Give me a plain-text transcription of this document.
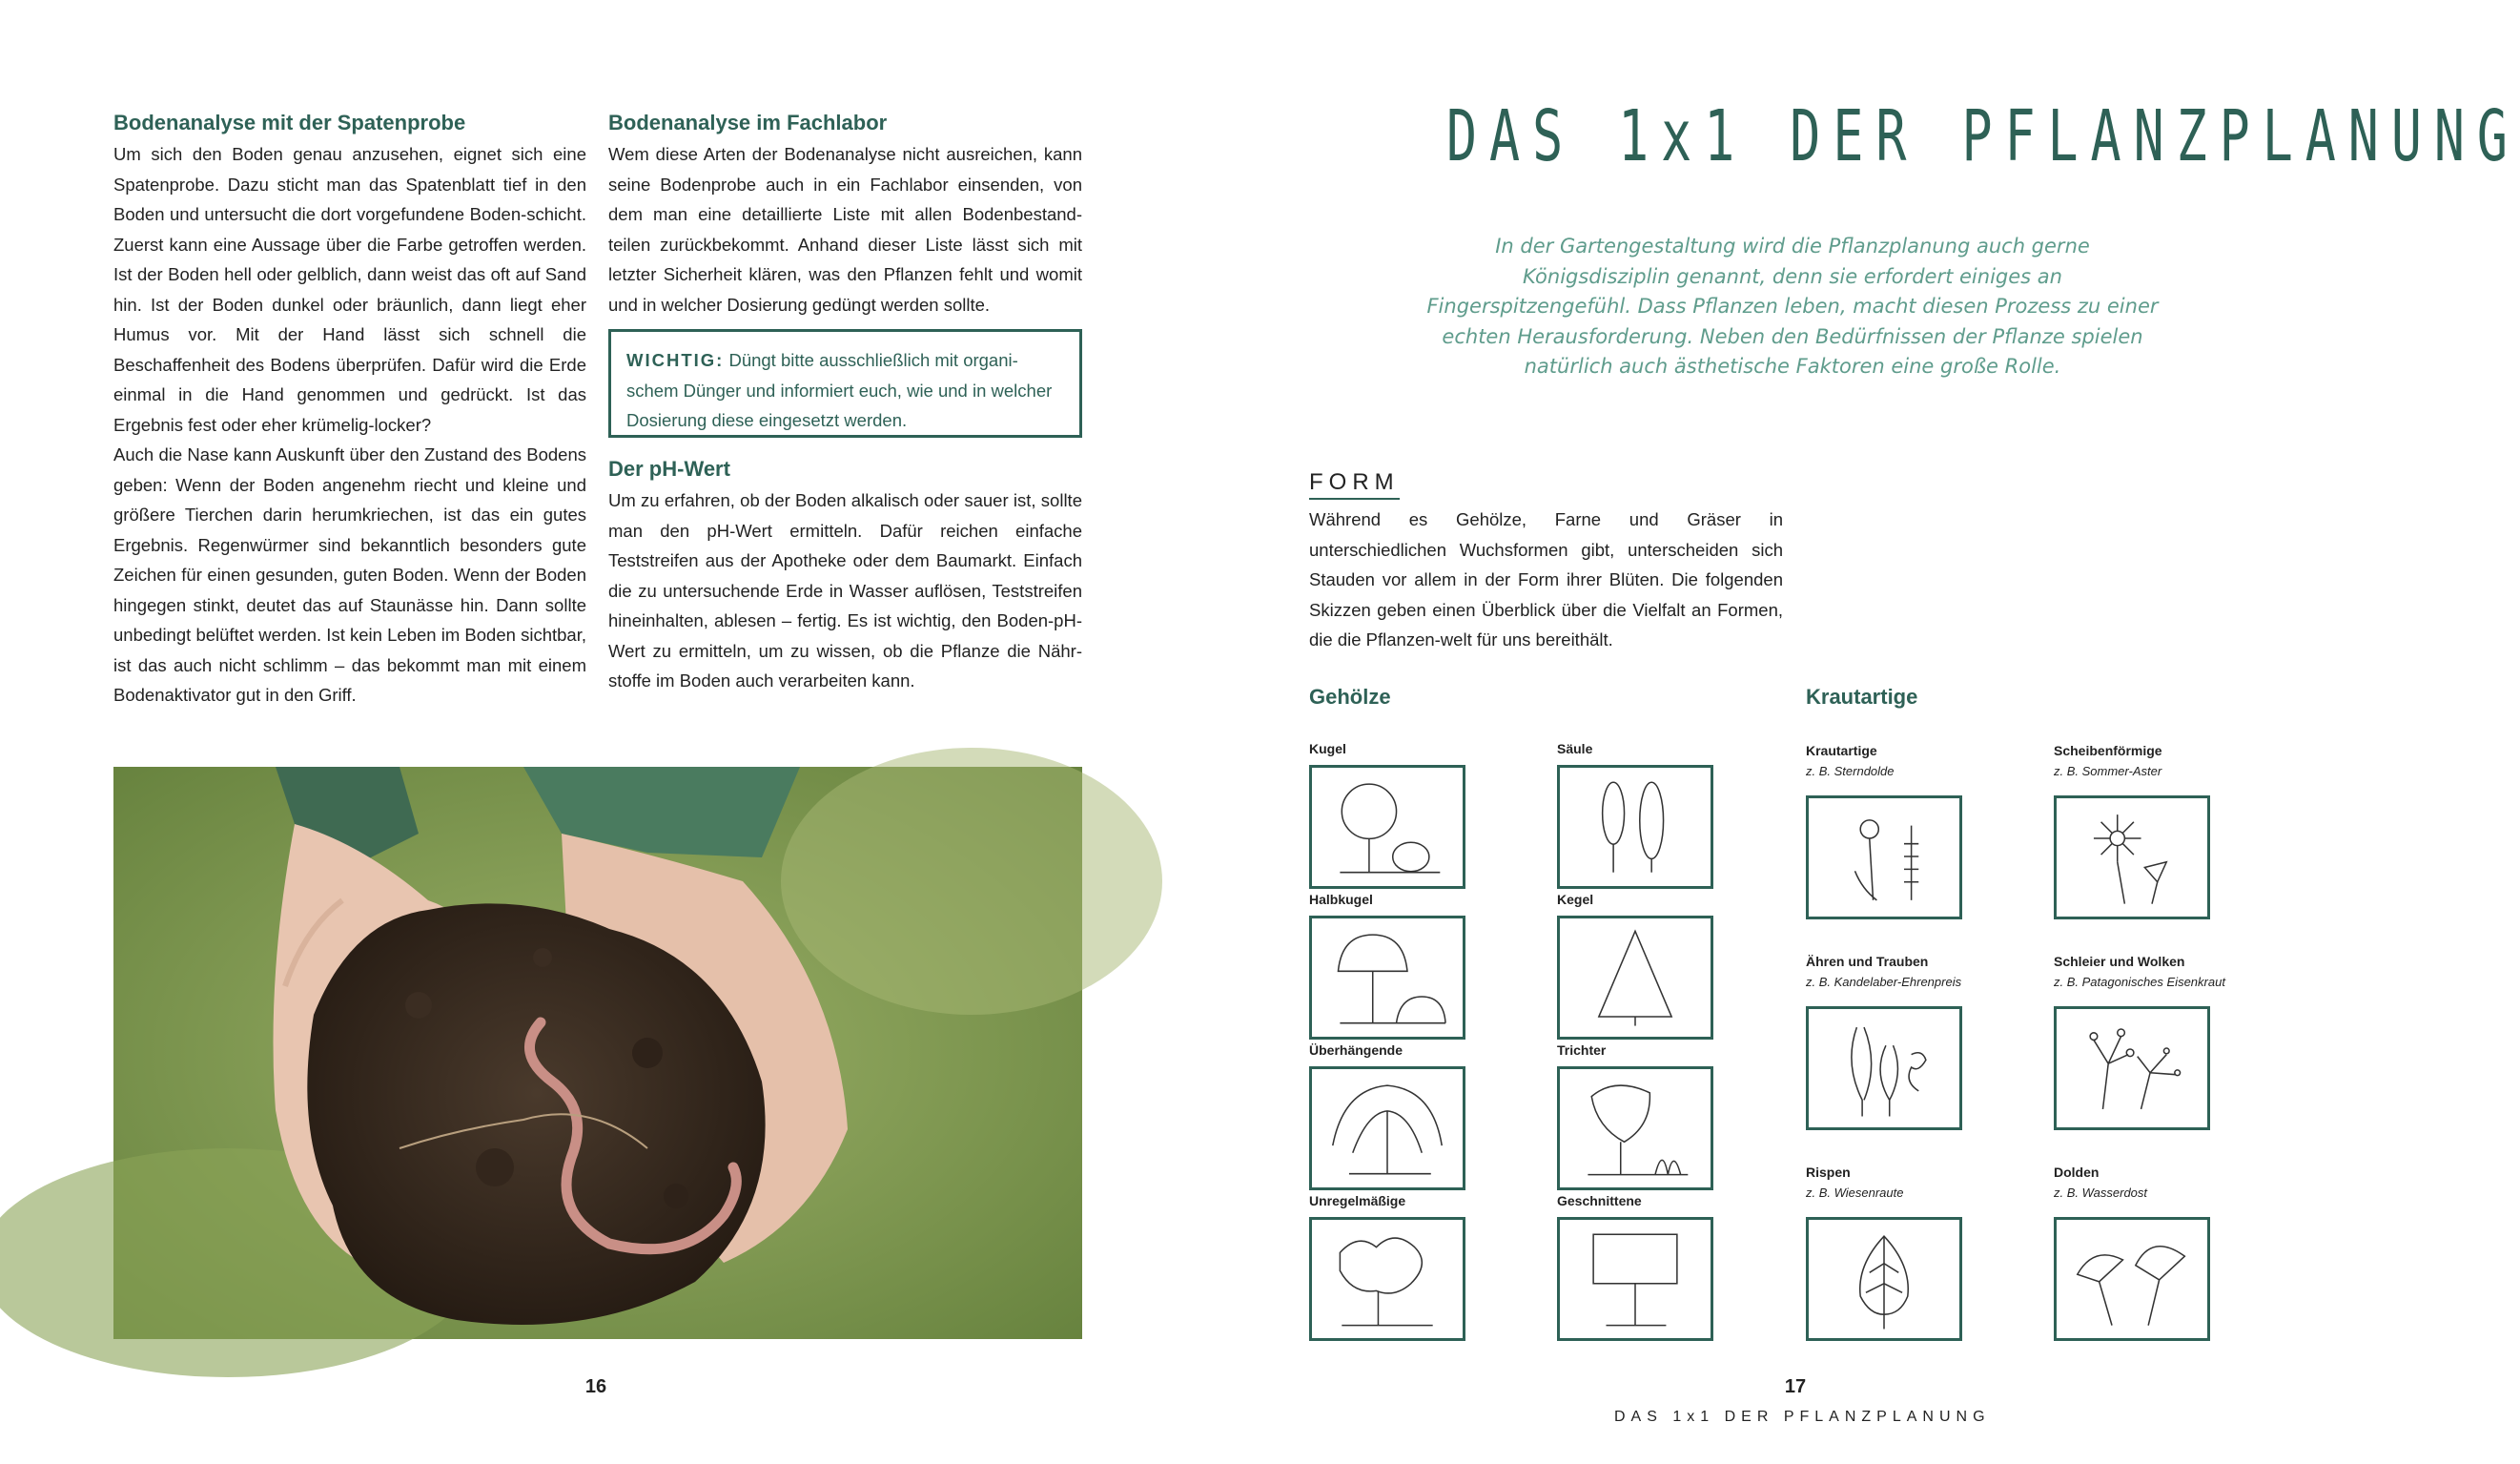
Bodenanalyse mit der Spatenprobe

Um sich den Boden genau anzusehen, eignet sich eine Spatenprobe. Dazu sticht man das Spatenblatt tief in den Boden und untersucht die dort vorgefundene Boden-schicht. Zuerst kann eine Aussage über die Farbe getroffen werden. Ist der Boden hell oder gelblich, dann weist das oft auf Sand hin. Ist der Boden dunkel oder bräunlich, dann liegt eher Humus vor. Mit der Hand lässt sich schnell die Beschaffenheit des Bodens überprüfen. Dafür wird die Erde einmal in die Hand genommen und gedrückt. Ist das Ergebnis fest oder eher krümelig-locker?

Auch die Nase kann Auskunft über den Zustand des Bodens geben: Wenn der Boden angenehm riecht und kleine und größere Tierchen darin herumkriechen, ist das ein gutes Ergebnis. Regenwürmer sind bekanntlich besonders gute Zeichen für einen gesunden, guten Boden. Wenn der Boden hingegen stinkt, deutet das auf Staunässe hin. Dann sollte unbedingt belüftet werden. Ist kein Leben im Boden sichtbar, ist das auch nicht schlimm – das bekommt man mit einem Bodenaktivator gut in den Griff.

Bodenanalyse im Fachlabor

Wem diese Arten der Bodenanalyse nicht ausreichen, kann seine Bodenprobe auch in ein Fachlabor einsenden, von dem man eine detaillierte Liste mit allen Bodenbestand-teilen zurückbekommt. Anhand dieser Liste lässt sich mit letzter Sicherheit klären, was den Pflanzen fehlt und womit und in welcher Dosierung gedüngt werden sollte.

WICHTIG: Düngt bitte ausschließlich mit organi-schem Dünger und informiert euch, wie und in welcher Dosierung diese eingesetzt werden.
Der pH-Wert

Um zu erfahren, ob der Boden alkalisch oder sauer ist, sollte man den pH-Wert ermitteln. Dafür reichen einfache Teststreifen aus der Apotheke oder dem Baumarkt. Einfach die zu untersuchende Erde in Wasser auflösen, Teststreifen hineinhalten, ablesen – fertig. Es ist wichtig, den Boden-pH-Wert zu ermitteln, um zu wissen, ob die Pflanze die Nähr-stoffe im Boden auch verarbeiten kann.

16
DAS 1x1 DER PFLANZPLANUNG
In der Gartengestaltung wird die Pflanzplanung auch gerne Königsdisziplin genannt, denn sie erfordert einiges an Fingerspitzengefühl. Dass Pflanzen leben, macht diesen Prozess zu einer echten Herausforderung. Neben den Bedürfnissen der Pflanze spielen natürlich auch ästhetische Faktoren eine große Rolle.
FORM

Während es Gehölze, Farne und Gräser in unterschiedlichen Wuchsformen gibt, unterscheiden sich Stauden vor allem in der Form ihrer Blüten. Die folgenden Skizzen geben einen Überblick über die Vielfalt an Formen, die die Pflanzen-welt für uns bereithält.

Gehölze	Krautartige
Kugel	Säule
Halbkugel	Kegel
Überhängende	Trichter
Unregelmäßige	Geschnittene
Krautartige
z. B. Sterndolde
Scheibenförmige
z. B. Sommer-Aster
Ähren und Trauben
z. B. Kandelaber-Ehrenpreis
Schleier und Wolken
z. B. Patagonisches Eisenkraut
Rispen
z. B. Wiesenraute
Dolden
z. B. Wasserdost
17
DAS 1x1 DER PFLANZPLANUNG
